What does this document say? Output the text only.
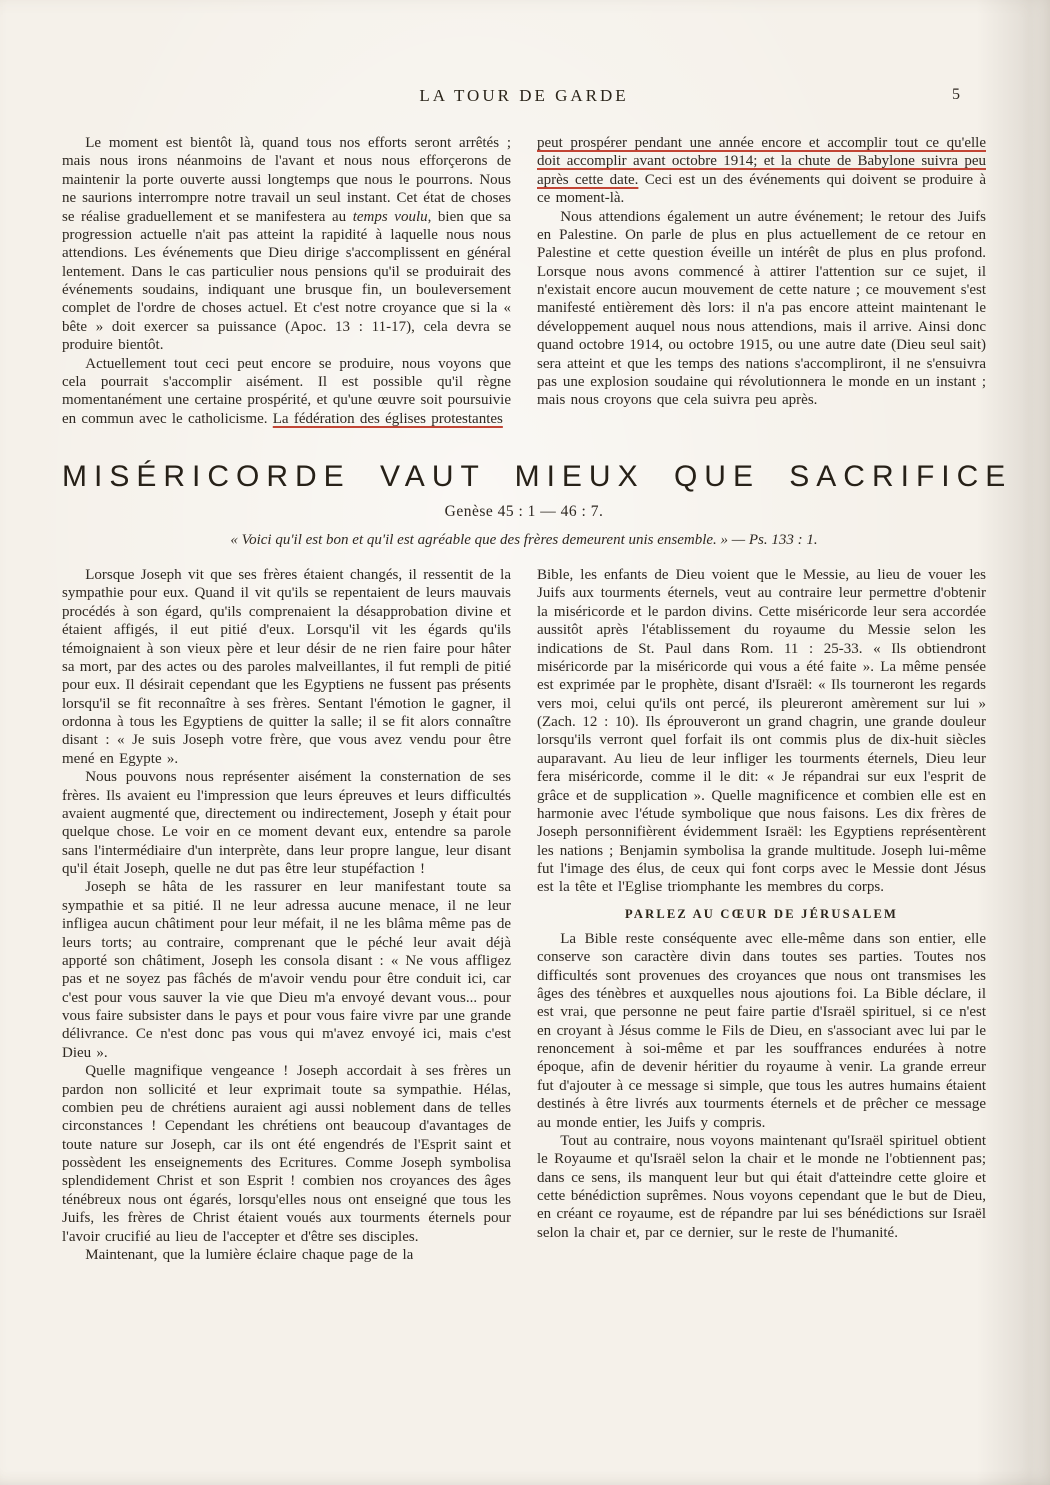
LA TOUR DE GARDE	5

Le moment est bientôt là, quand tous nos efforts seront arrêtés ; mais nous irons néanmoins de l'avant et nous nous efforçerons de maintenir la porte ouverte aussi longtemps que nous le pourrons. Nous ne saurions interrompre notre travail un seul instant. Cet état de choses se réalise graduellement et se manifestera au temps voulu, bien que sa progression actuelle n'ait pas atteint la rapidité à laquelle nous nous attendions. Les événements que Dieu dirige s'accomplissent en général lentement. Dans le cas particulier nous pensions qu'il se produirait des événements soudains, indiquant une brusque fin, un bouleversement complet de l'ordre de choses actuel. Et c'est notre croyance que si la « bête » doit exercer sa puissance (Apoc. 13 : 11-17), cela devra se produire bientôt.

Actuellement tout ceci peut encore se produire, nous voyons que cela pourrait s'accomplir aisément. Il est possible qu'il règne momentanément une certaine prospérité, et qu'une œuvre soit poursuivie en commun avec le catholicisme. La fédération des églises protestantes

peut prospérer pendant une année encore et accomplir tout ce qu'elle doit accomplir avant octobre 1914; et la chute de Babylone suivra peu après cette date. Ceci est un des événements qui doivent se produire à ce moment-là.

Nous attendions également un autre événement; le retour des Juifs en Palestine. On parle de plus en plus actuellement de ce retour en Palestine et cette question éveille un intérêt de plus en plus profond. Lorsque nous avons commencé à attirer l'attention sur ce sujet, il n'existait encore aucun mouvement de cette nature ; ce mouvement s'est manifesté entièrement dès lors: il n'a pas encore atteint maintenant le développement auquel nous nous attendions, mais il arrive. Ainsi donc quand octobre 1914, ou octobre 1915, ou une autre date (Dieu seul sait) sera atteint et que les temps des nations s'accompliront, il ne s'ensuivra pas une explosion soudaine qui révolutionnera le monde en un instant ; mais nous croyons que cela suivra peu après.

MISÉRICORDE VAUT MIEUX QUE SACRIFICE
Genèse 45 : 1 — 46 : 7.
« Voici qu'il est bon et qu'il est agréable que des frères demeurent unis ensemble. » — Ps. 133 : 1.

Lorsque Joseph vit que ses frères étaient changés, il ressentit de la sympathie pour eux. Quand il vit qu'ils se repentaient de leurs mauvais procédés à son égard, qu'ils comprenaient la désapprobation divine et étaient affigés, il eut pitié d'eux. Lorsqu'il vit les égards qu'ils témoignaient à son vieux père et leur désir de ne rien faire pour hâter sa mort, par des actes ou des paroles malveillantes, il fut rempli de pitié pour eux. Il désirait cependant que les Egyptiens ne fussent pas présents lorsqu'il se fit reconnaître à ses frères. Sentant l'émotion le gagner, il ordonna à tous les Egyptiens de quitter la salle; il se fit alors connaître disant : « Je suis Joseph votre frère, que vous avez vendu pour être mené en Egypte ».

Nous pouvons nous représenter aisément la consternation de ses frères. Ils avaient eu l'impression que leurs épreuves et leurs difficultés avaient augmenté que, directement ou indirectement, Joseph y était pour quelque chose. Le voir en ce moment devant eux, entendre sa parole sans l'intermédiaire d'un interprète, dans leur propre langue, leur disant qu'il était Joseph, quelle ne dut pas être leur stupéfaction !

Joseph se hâta de les rassurer en leur manifestant toute sa sympathie et sa pitié. Il ne leur adressa aucune menace, il ne leur infligea aucun châtiment pour leur méfait, il ne les blâma même pas de leurs torts; au contraire, comprenant que le péché leur avait déjà apporté son châtiment, Joseph les consola disant : « Ne vous affligez pas et ne soyez pas fâchés de m'avoir vendu pour être conduit ici, car c'est pour vous sauver la vie que Dieu m'a envoyé devant vous... pour vous faire subsister dans le pays et pour vous faire vivre par une grande délivrance. Ce n'est donc pas vous qui m'avez envoyé ici, mais c'est Dieu ».

Quelle magnifique vengeance ! Joseph accordait à ses frères un pardon non sollicité et leur exprimait toute sa sympathie. Hélas, combien peu de chrétiens auraient agi aussi noblement dans de telles circonstances ! Cependant les chrétiens ont beaucoup d'avantages de toute nature sur Joseph, car ils ont été engendrés de l'Esprit saint et possèdent les enseignements des Ecritures. Comme Joseph symbolisa splendidement Christ et son Esprit ! combien nos croyances des âges ténébreux nous ont égarés, lorsqu'elles nous ont enseigné que tous les Juifs, les frères de Christ étaient voués aux tourments éternels pour l'avoir crucifié au lieu de l'accepter et d'être ses disciples.

Maintenant, que la lumière éclaire chaque page de la

Bible, les enfants de Dieu voient que le Messie, au lieu de vouer les Juifs aux tourments éternels, veut au contraire leur permettre d'obtenir la miséricorde et le pardon divins. Cette miséricorde leur sera accordée aussitôt après l'établissement du royaume du Messie selon les indications de St. Paul dans Rom. 11 : 25-33. « Ils obtiendront miséricorde par la miséricorde qui vous a été faite ». La même pensée est exprimée par le prophète, disant d'Israël: « Ils tourneront les regards vers moi, celui qu'ils ont percé, ils pleureront amèrement sur lui » (Zach. 12 : 10). Ils éprouveront un grand chagrin, une grande douleur lorsqu'ils verront quel forfait ils ont commis plus de dix-huit siècles auparavant. Au lieu de leur infliger les tourments éternels, Dieu leur fera miséricorde, comme il le dit: « Je répandrai sur eux l'esprit de grâce et de supplication ». Quelle magnificence et combien elle est en harmonie avec l'étude symbolique que nous faisons. Les dix frères de Joseph personnifièrent évidemment Israël: les Egyptiens représentèrent les nations ; Benjamin symbolisa la grande multitude. Joseph lui-même fut l'image des élus, de ceux qui font corps avec le Messie dont Jésus est la tête et l'Eglise triomphante les membres du corps.

PARLEZ AU CŒUR DE JÉRUSALEM

La Bible reste conséquente avec elle-même dans son entier, elle conserve son caractère divin dans toutes ses parties. Toutes nos difficultés sont provenues des croyances que nous ont transmises les âges des ténèbres et auxquelles nous ajoutions foi. La Bible déclare, il est vrai, que personne ne peut faire partie d'Israël spirituel, si ce n'est en croyant à Jésus comme le Fils de Dieu, en s'associant avec lui par le renoncement à soi-même et par les souffrances endurées à notre époque, afin de devenir héritier du royaume à venir. La grande erreur fut d'ajouter à ce message si simple, que tous les autres humains étaient destinés à être livrés aux tourments éternels et de prêcher ce message au monde entier, les Juifs y compris.

Tout au contraire, nous voyons maintenant qu'Israël spirituel obtient le Royaume et qu'Israël selon la chair et le monde ne l'obtiennent pas; dans ce sens, ils manquent leur but qui était d'atteindre cette gloire et cette bénédiction suprêmes. Nous voyons cependant que le but de Dieu, en créant ce royaume, est de répandre par lui ses bénédictions sur Israël selon la chair et, par ce dernier, sur le reste de l'humanité.
